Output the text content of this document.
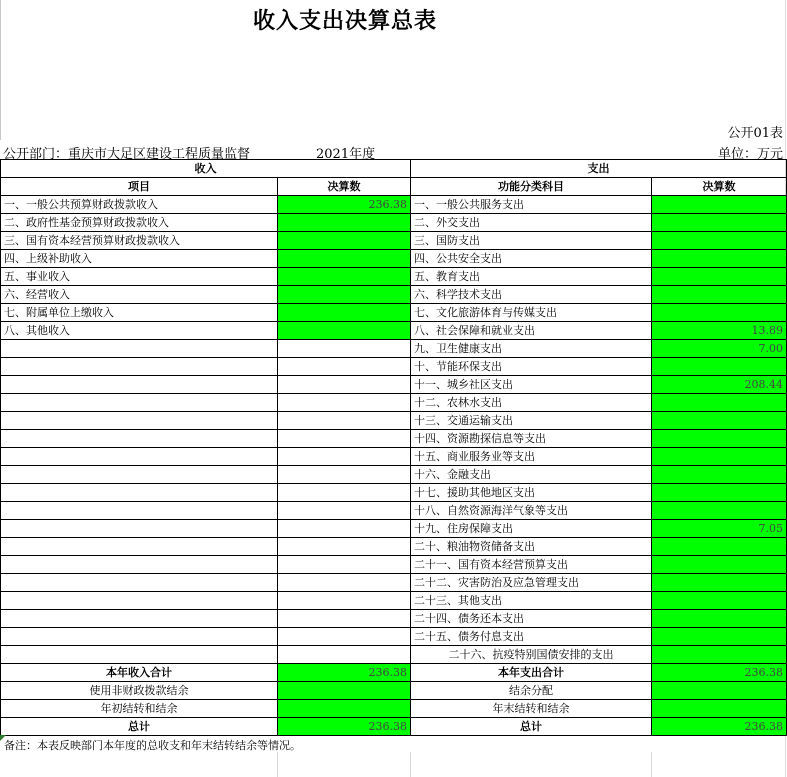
收入支出决算总表
公开01表
公开部门：重庆市大足区建设工程质量监督	2021年度	单位：万元
收入		支出	
项目	决算数	功能分类科目	决算数
一、一般公共预算财政拨款收入	236.38	一、一般公共服务支出	
二、政府性基金预算财政拨款收入		二、外交支出	
三、国有资本经营预算财政拨款收入		三、国防支出	
四、上级补助收入		四、公共安全支出	
五、事业收入		五、教育支出	
六、经营收入		六、科学技术支出	
七、附属单位上缴收入		七、文化旅游体育与传媒支出	
八、其他收入		八、社会保障和就业支出	13.89
		九、卫生健康支出	7.00
		十、节能环保支出	
		十一、城乡社区支出	208.44
		十二、农林水支出	
		十三、交通运输支出	
		十四、资源勘探信息等支出	
		十五、商业服务业等支出	
		十六、金融支出	
		十七、援助其他地区支出	
		十八、自然资源海洋气象等支出	
		十九、住房保障支出	7.05
		二十、粮油物资储备支出	
		二十一、国有资本经营预算支出	
		二十二、灾害防治及应急管理支出	
		二十三、其他支出	
		二十四、债务还本支出	
		二十五、债务付息支出	
		二十六、抗疫特别国债安排的支出	
本年收入合计	236.38	本年支出合计	236.38
使用非财政拨款结余		结余分配	
年初结转和结余		年末结转和结余	
总计	236.38	总计	236.38
备注：本表反映部门本年度的总收支和年末结转结余等情况。
